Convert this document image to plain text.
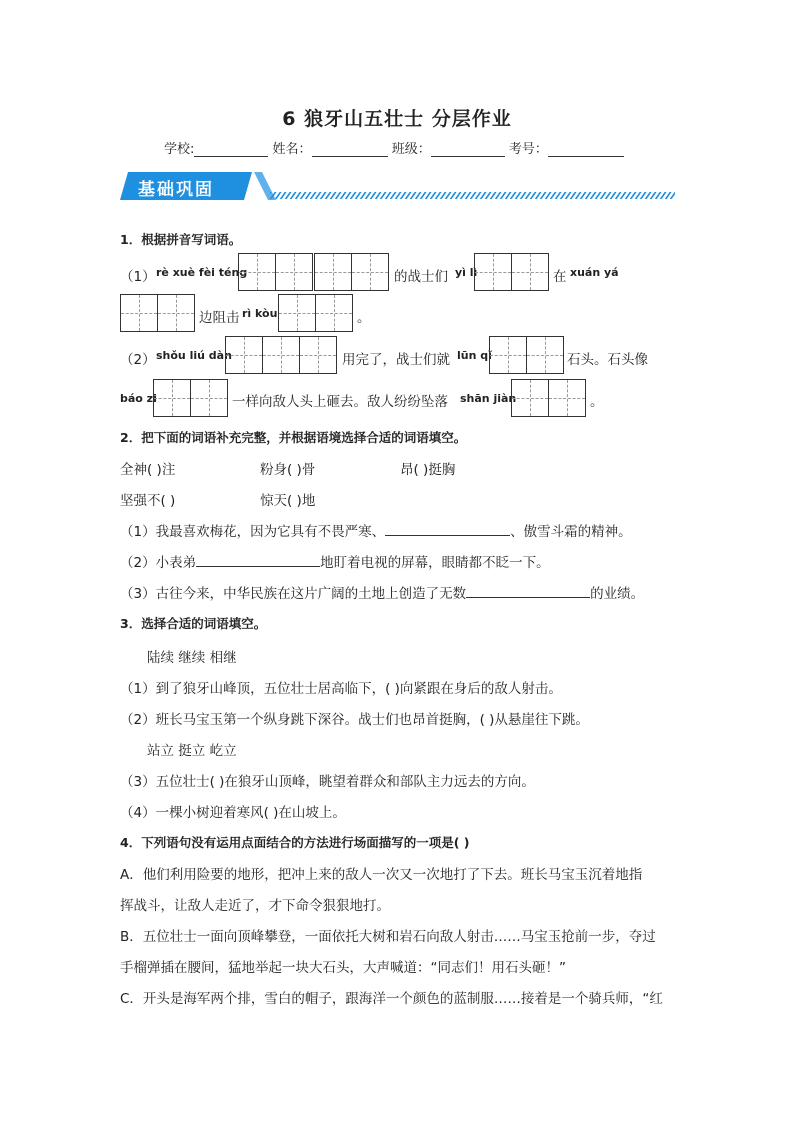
6 狼牙山五壮士 分层作业
学校:	姓名：	班级：	考号：
基础巩固
1．根据拼音写词语。
（1） rè xuè fèi téng	的战士们 yì lì	在 xuán yá
边阻击 rì kòu	。
（2） shǒu liú dàn	用完了，战士们就 lūn qǐ	石头。石头像
báo zi	一样向敌人头上砸去。敌人纷纷坠落 shān jiàn	。
2．把下面的词语补充完整，并根据语境选择合适的词语填空。
全神( )注	粉身( )骨	昂( )挺胸
坚强不( )	惊天( )地
（1）我最喜欢梅花，因为它具有不畏严寒、	、傲雪斗霜的精神。
（2）小表弟	地盯着电视的屏幕，眼睛都不眨一下。
（3）古往今来，中华民族在这片广阔的土地上创造了无数	的业绩。
3．选择合适的词语填空。
陆续 继续 相继
（1）到了狼牙山峰顶，五位壮士居高临下，( )向紧跟在身后的敌人射击。
（2）班长马宝玉第一个纵身跳下深谷。战士们也昂首挺胸，( )从悬崖往下跳。
站立 挺立 屹立
（3）五位壮士( )在狼牙山顶峰，眺望着群众和部队主力远去的方向。
（4）一棵小树迎着寒风( )在山坡上。
4．下列语句没有运用点面结合的方法进行场面描写的一项是( )
A．他们利用险要的地形，把冲上来的敌人一次又一次地打了下去。班长马宝玉沉着地指
挥战斗，让敌人走近了，才下命令狠狠地打。
B．五位壮士一面向顶峰攀登，一面依托大树和岩石向敌人射击……马宝玉抢前一步，夺过
手榴弹插在腰间，猛地举起一块大石头，大声喊道：“同志们！用石头砸！”
C．开头是海军两个排，雪白的帽子，跟海洋一个颜色的蓝制服……接着是一个骑兵师，“红
